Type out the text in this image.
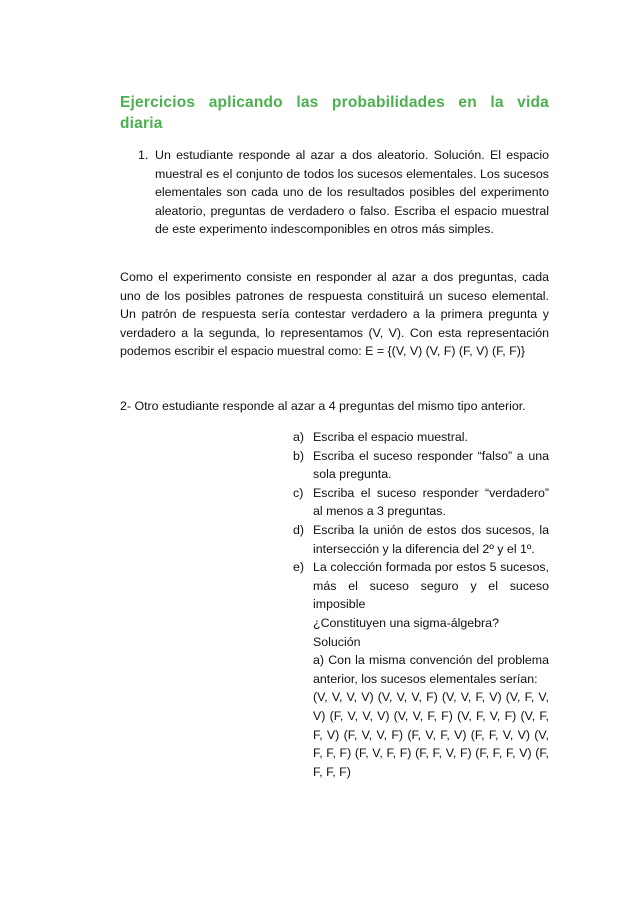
Ejercicios aplicando las probabilidades en la vida diaria
1. Un estudiante responde al azar a dos aleatorio. Solución. El espacio muestral es el conjunto de todos los sucesos elementales. Los sucesos elementales son cada uno de los resultados posibles del experimento aleatorio, preguntas de verdadero o falso. Escriba el espacio muestral de este experimento indescomponibles en otros más simples.

Como el experimento consiste en responder al azar a dos preguntas, cada uno de los posibles patrones de respuesta constituirá un suceso elemental. Un patrón de respuesta sería contestar verdadero a la primera pregunta y verdadero a la segunda, lo representamos (V, V). Con esta representación podemos escribir el espacio muestral como: E = {(V, V) (V, F) (F, V) (F, F)}

2- Otro estudiante responde al azar a 4 preguntas del mismo tipo anterior.

a) Escriba el espacio muestral.

b) Escriba el suceso responder “falso” a una sola pregunta.

c) Escriba el suceso responder “verdadero” al menos a 3 preguntas.

d) Escriba la unión de estos dos sucesos, la intersección y la diferencia del 2º y el 1º.

e) La colección formada por estos 5 sucesos, más el suceso seguro y el suceso imposible

¿Constituyen una sigma-álgebra?

Solución

a) Con la misma convención del problema anterior, los sucesos elementales serían:

(V, V, V, V) (V, V, V, F) (V, V, F, V) (V, F, V, V) (F, V, V, V) (V, V, F, F) (V, F, V, F) (V, F, F, V) (F, V, V, F) (F, V, F, V) (F, F, V, V) (V, F, F, F) (F, V, F, F) (F, F, V, F) (F, F, F, V) (F, F, F, F)
